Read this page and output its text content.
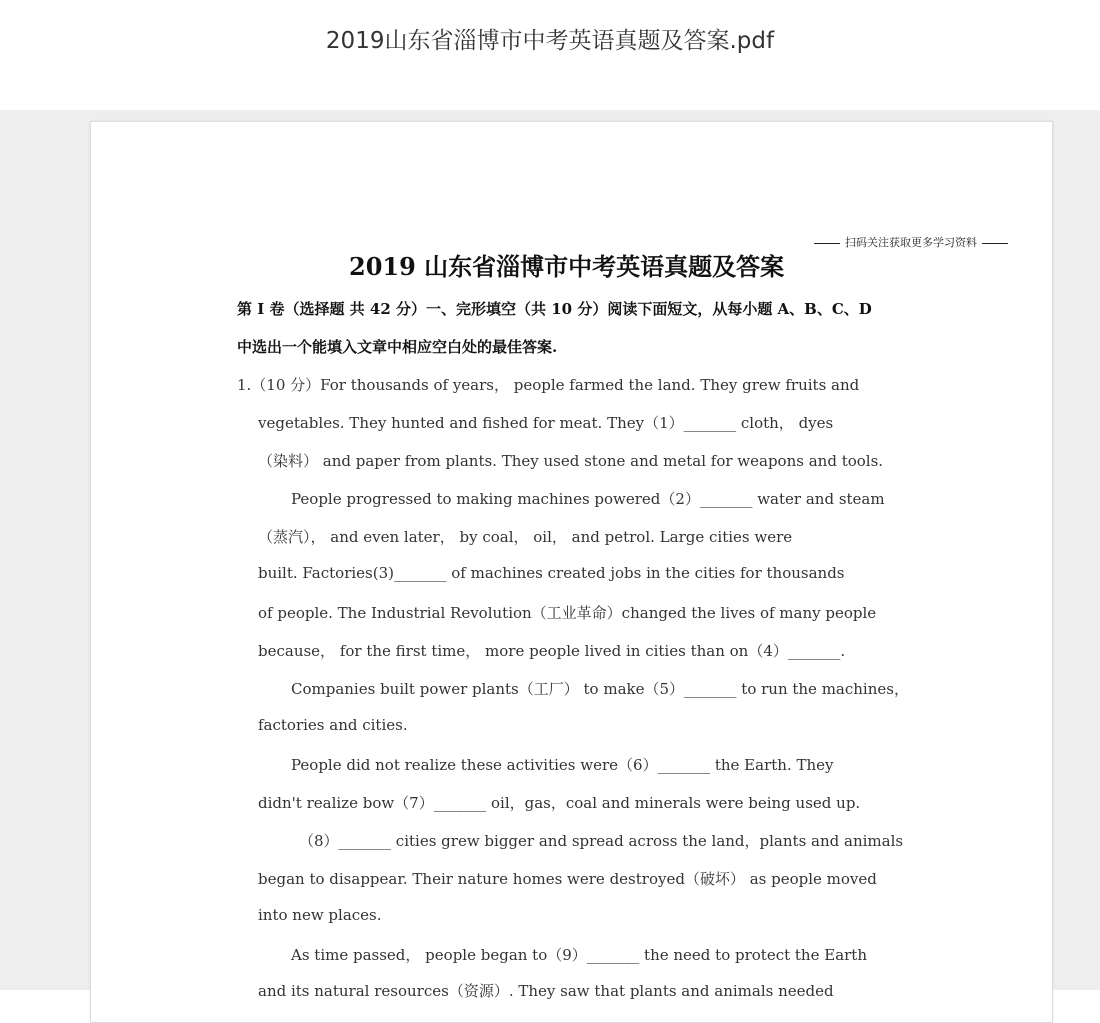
2019山东省淄博市中考英语真题及答案.pdf
扫码关注获取更多学习资料
2019 山东省淄博市中考英语真题及答案
第 I 卷（选择题 共 42 分）一、完形填空（共 10 分）阅读下面短文，从每小题 A、B、C、D
中选出一个能填入文章中相应空白处的最佳答案.
1.（10 分）For thousands of years， people farmed the land. They grew fruits and
vegetables. They hunted and fished for meat. They（1）_______ cloth， dyes
（染料） and paper from plants. They used stone and metal for weapons and tools.
People progressed to making machines powered（2）_______ water and steam
（蒸汽）， and even later， by coal， oil， and petrol. Large cities were
built. Factories(3)_______ of machines created jobs in the cities for thousands
of people. The Industrial Revolution（工业革命）changed the lives of many people
because， for the first time， more people lived in cities than on（4）_______.
Companies built power plants（工厂） to make（5）_______ to run the machines，
factories and cities.
People did not realize these activities were（6）_______ the Earth. They
didn't realize bow（7）_______ oil，gas，coal and minerals were being used up.
（8）_______ cities grew bigger and spread across the land，plants and animals
began to disappear. Their nature homes were destroyed（破坏） as people moved
into new places.
As time passed， people began to（9）_______ the need to protect the Earth
and its natural resources（资源）. They saw that plants and animals needed
